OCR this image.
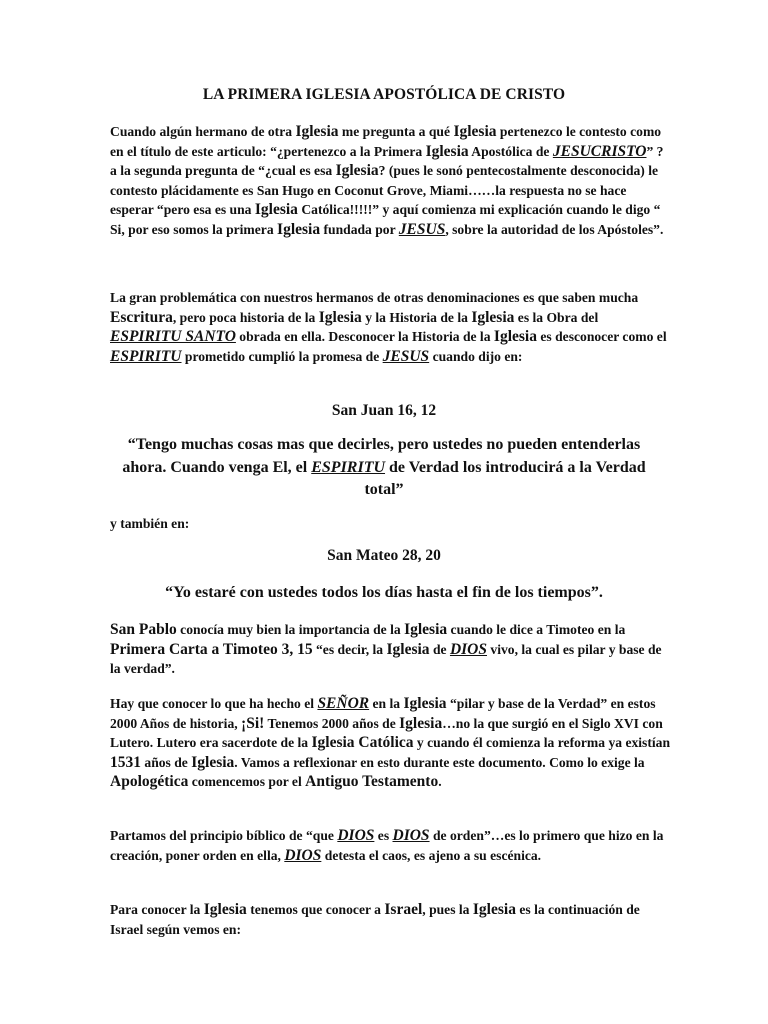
LA PRIMERA IGLESIA APOSTÓLICA DE CRISTO

Cuando algún hermano de otra Iglesia me pregunta a qué Iglesia pertenezco le contesto como en el título de este articulo: “¿pertenezco a la Primera Iglesia Apostólica de JESUCRISTO” ? a la segunda pregunta de “¿cual es esa Iglesia? (pues le sonó pentecostalmente desconocida) le contesto plácidamente es San Hugo en Coconut Grove, Miami……la respuesta no se hace esperar “pero esa es una Iglesia Católica!!!!!” y aquí comienza mi explicación cuando le digo “ Si, por eso somos la primera Iglesia fundada por JESUS, sobre la autoridad de los Apóstoles”.

La gran problemática con nuestros hermanos de otras denominaciones es que saben mucha Escritura, pero poca historia de la Iglesia y la Historia de la Iglesia es la Obra del ESPIRITU SANTO obrada en ella. Desconocer la Historia de la Iglesia es desconocer como el ESPIRITU prometido cumplió la promesa de JESUS cuando dijo en:

San Juan 16, 12

“Tengo muchas cosas mas que decirles, pero ustedes no pueden entenderlas ahora. Cuando venga El, el ESPIRITU de Verdad los introducirá a la Verdad total”

y también en:
San Mateo 28, 20
“Yo estaré con ustedes todos los días hasta el fin de los tiempos”.

San Pablo conocía muy bien la importancia de la Iglesia cuando le dice a Timoteo en la Primera Carta a Timoteo 3, 15 “es decir, la Iglesia de DIOS vivo, la cual es pilar y base de la verdad”.

Hay que conocer lo que ha hecho el SEÑOR en la Iglesia “pilar y base de la Verdad” en estos 2000 Años de historia, ¡Si! Tenemos 2000 años de Iglesia…no la que surgió en el Siglo XVI con Lutero. Lutero era sacerdote de la Iglesia Católica y cuando él comienza la reforma ya existían 1531 años de Iglesia. Vamos a reflexionar en esto durante este documento. Como lo exige la Apologética comencemos por el Antiguo Testamento.

Partamos del principio bíblico de “que DIOS es DIOS de orden”…es lo primero que hizo en la creación, poner orden en ella, DIOS detesta el caos, es ajeno a su escénica.

Para conocer la Iglesia tenemos que conocer a Israel, pues la Iglesia es la continuación de Israel según vemos en:
